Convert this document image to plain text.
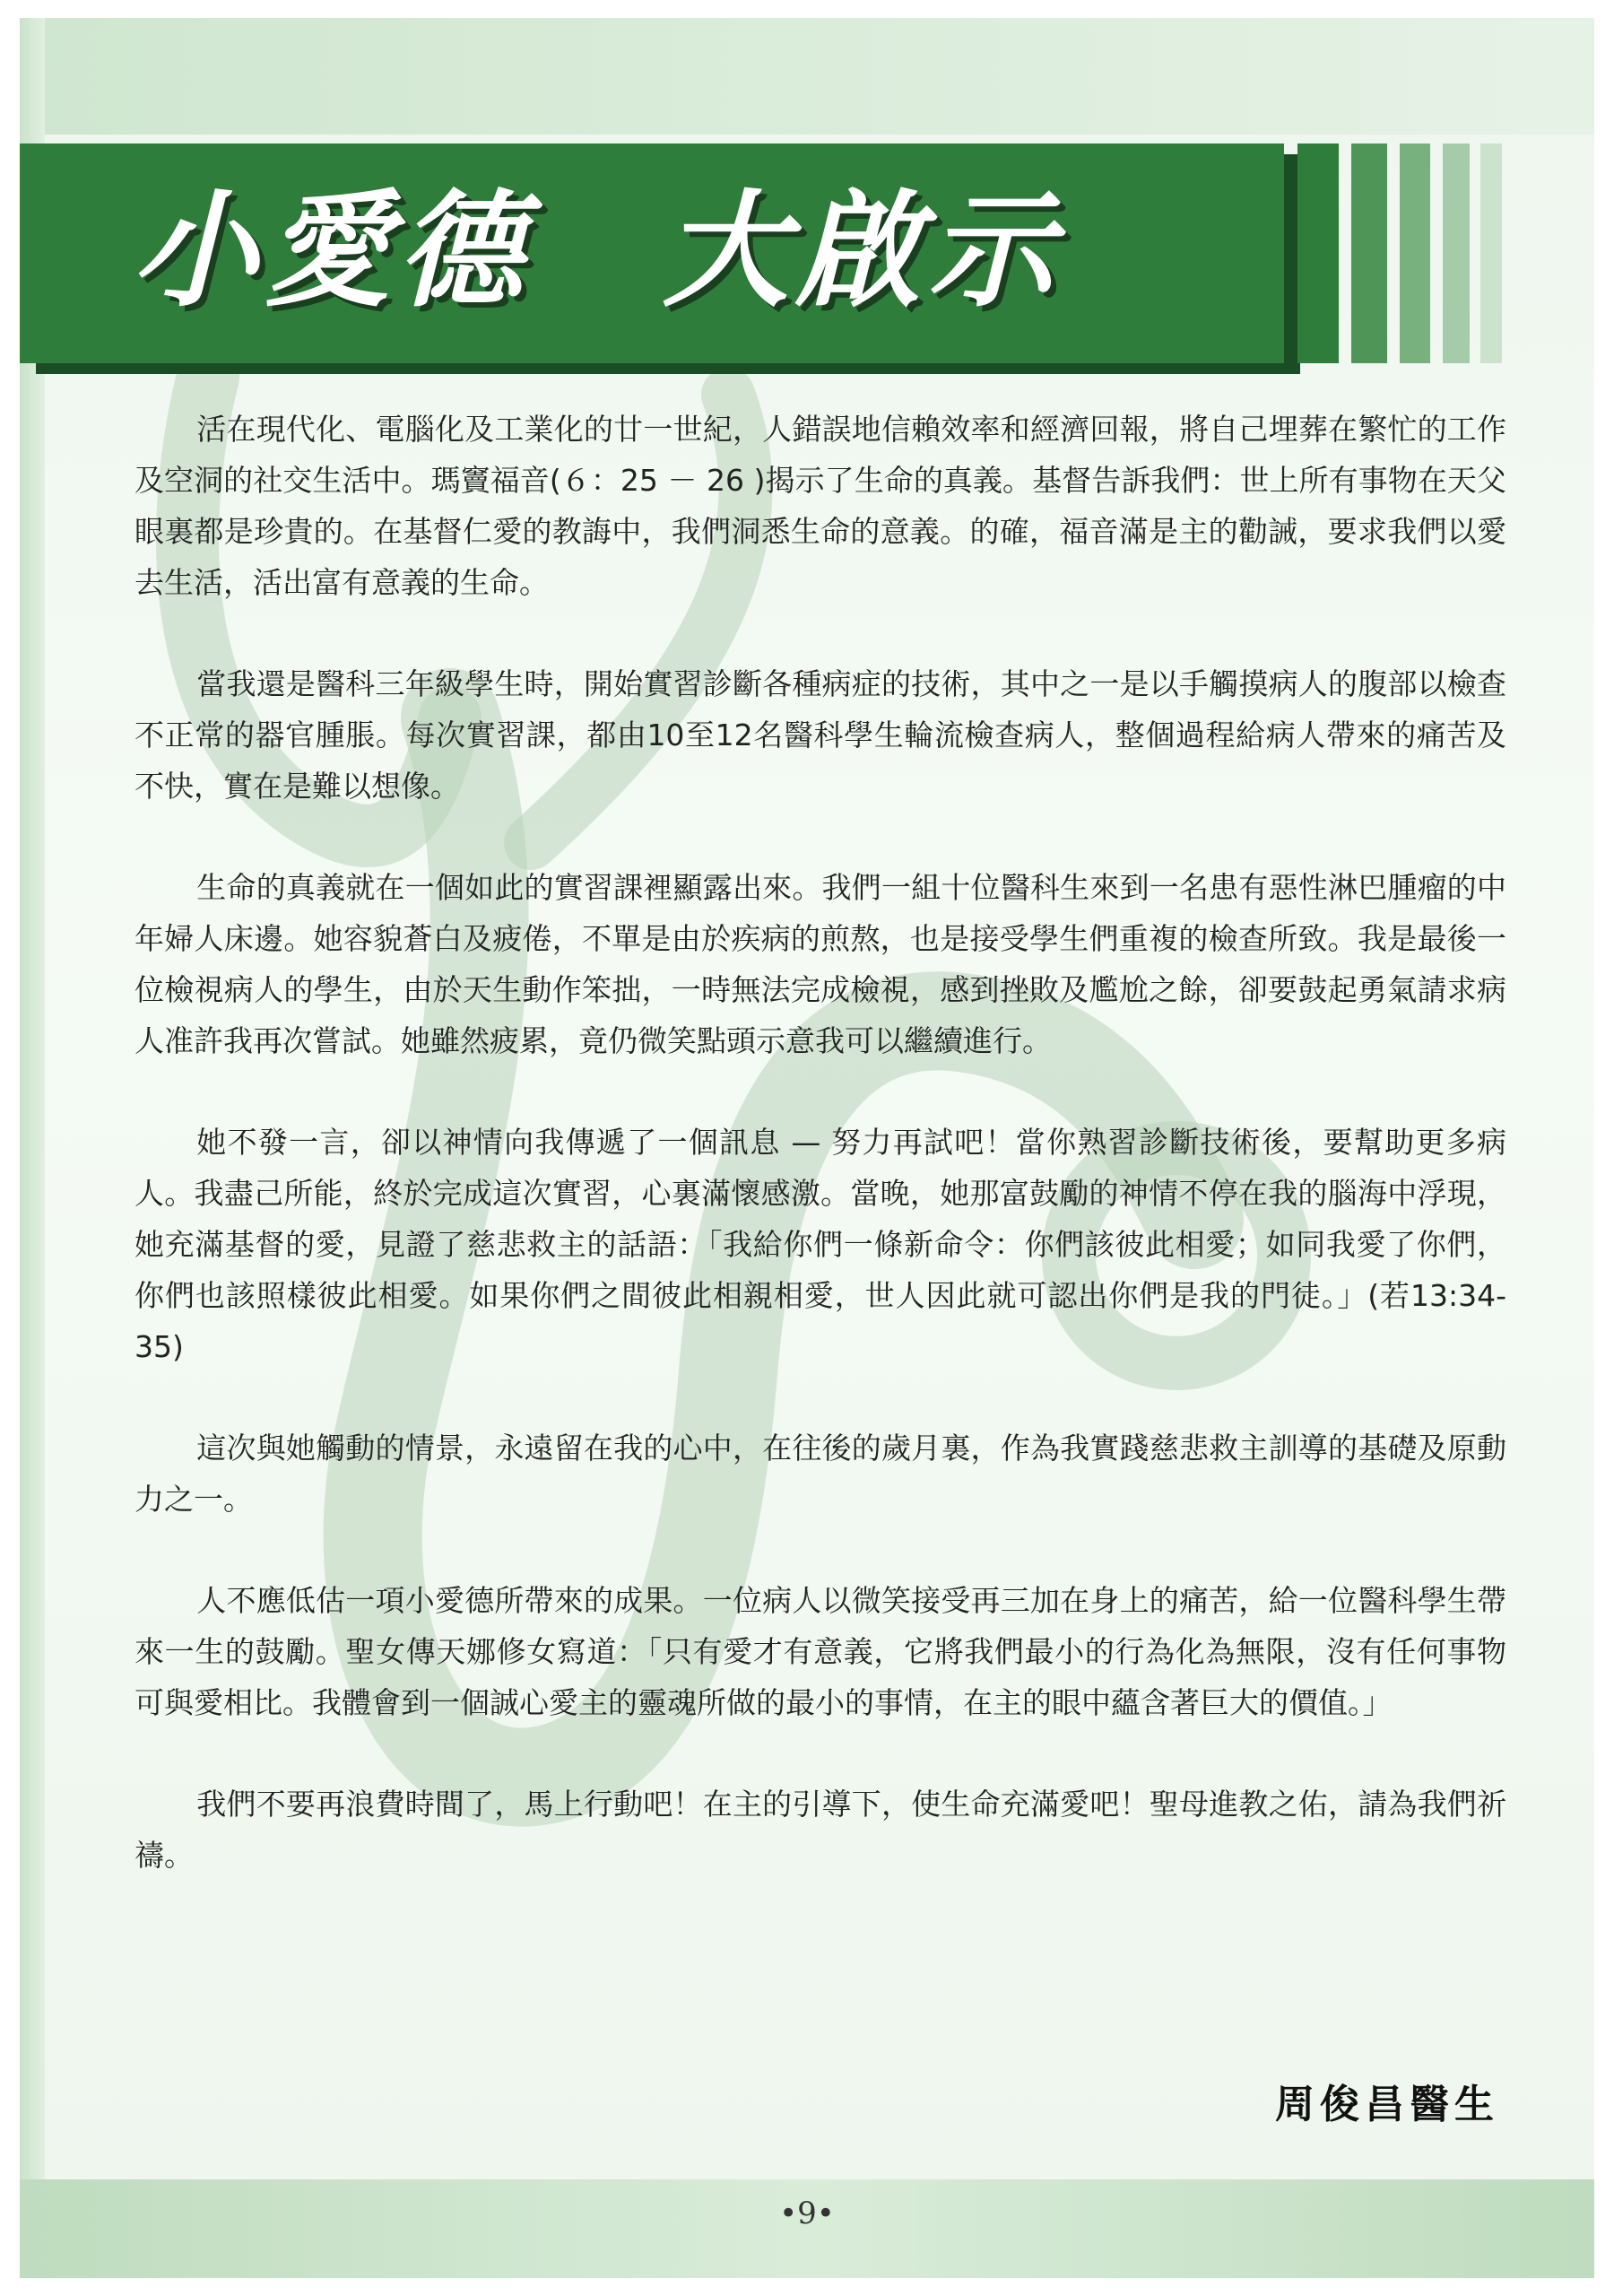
小愛德　大啟示

活在現代化、電腦化及工業化的廿一世紀，人錯誤地信賴效率和經濟回報，將自己埋葬在繁忙的工作及空洞的社交生活中。瑪竇福音(６：25 － 26 )揭示了生命的真義。基督告訴我們：世上所有事物在天父眼裏都是珍貴的。在基督仁愛的教誨中，我們洞悉生命的意義。的確，福音滿是主的勸誡，要求我們以愛去生活，活出富有意義的生命。

當我還是醫科三年級學生時，開始實習診斷各種病症的技術，其中之一是以手觸摸病人的腹部以檢查不正常的器官腫脹。每次實習課，都由10至12名醫科學生輪流檢查病人，整個過程給病人帶來的痛苦及不快，實在是難以想像。

生命的真義就在一個如此的實習課裡顯露出來。我們一組十位醫科生來到一名患有惡性淋巴腫瘤的中年婦人床邊。她容貌蒼白及疲倦，不單是由於疾病的煎熬，也是接受學生們重複的檢查所致。我是最後一位檢視病人的學生，由於天生動作笨拙，一時無法完成檢視，感到挫敗及尷尬之餘，卻要鼓起勇氣請求病人准許我再次嘗試。她雖然疲累，竟仍微笑點頭示意我可以繼續進行。

她不發一言，卻以神情向我傳遞了一個訊息 — 努力再試吧！當你熟習診斷技術後，要幫助更多病人。我盡己所能，終於完成這次實習，心裏滿懷感激。當晚，她那富鼓勵的神情不停在我的腦海中浮現，她充滿基督的愛，見證了慈悲救主的話語：「我給你們一條新命令：你們該彼此相愛；如同我愛了你們，你們也該照樣彼此相愛。如果你們之間彼此相親相愛，世人因此就可認出你們是我的門徒。」(若13:34-35)

這次與她觸動的情景，永遠留在我的心中，在往後的歲月裏，作為我實踐慈悲救主訓導的基礎及原動力之一。

人不應低估一項小愛德所帶來的成果。一位病人以微笑接受再三加在身上的痛苦，給一位醫科學生帶來一生的鼓勵。聖女傳天娜修女寫道：「只有愛才有意義，它將我們最小的行為化為無限，沒有任何事物可與愛相比。我體會到一個誠心愛主的靈魂所做的最小的事情，在主的眼中蘊含著巨大的價值。」

我們不要再浪費時間了，馬上行動吧！在主的引導下，使生命充滿愛吧！聖母進教之佑，請為我們祈禱。

周俊昌醫生
•9•
